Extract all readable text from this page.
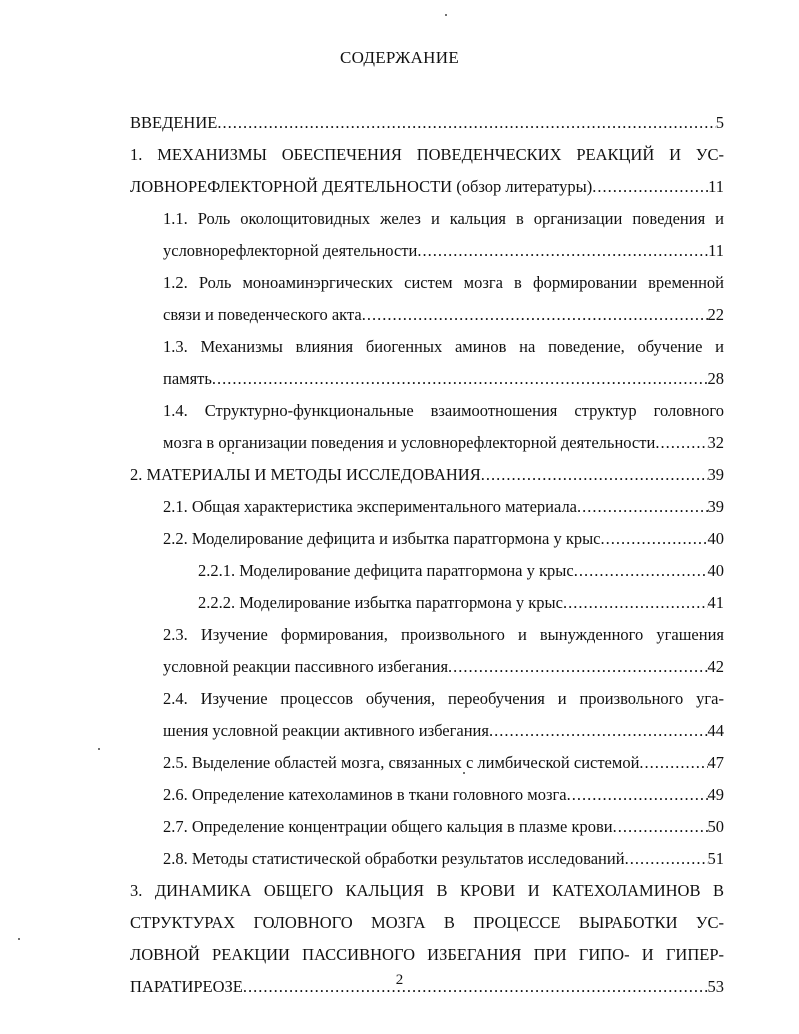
СОДЕРЖАНИЕ
ВВЕДЕНИЕ .....	5
1. МЕХАНИЗМЫ ОБЕСПЕЧЕНИЯ ПОВЕДЕНЧЕСКИХ РЕАКЦИЙ И УС-
ЛОВНОРЕФЛЕКТОРНОЙ ДЕЯТЕЛЬНОСТИ (обзор литературы) .....	11
1.1. Роль околощитовидных желез и кальция в организации поведения и
условнорефлекторной деятельности .....	11
1.2. Роль моноаминэргических систем мозга в формировании временной
связи и поведенческого акта .....	22
1.3. Механизмы влияния биогенных аминов на поведение, обучение и
память .....	28
1.4. Структурно-функциональные взаимоотношения структур головного
мозга в организации поведения и условнорефлекторной деятельности .....	32
2. МАТЕРИАЛЫ И МЕТОДЫ ИССЛЕДОВАНИЯ .....	39
2.1. Общая характеристика экспериментального материала .....	39
2.2. Моделирование дефицита и избытка паратгормона у крыс .....	40
2.2.1. Моделирование дефицита паратгормона у крыс .....	40
2.2.2. Моделирование избытка паратгормона у крыс .....	41
2.3. Изучение формирования, произвольного и вынужденного угашения
условной реакции пассивного избегания .....	42
2.4. Изучение процессов обучения, переобучения и произвольного уга-
шения условной реакции активного избегания .....	44
2.5. Выделение областей мозга, связанных с лимбической системой .....	47
2.6. Определение катехоламинов в ткани головного мозга .....	49
2.7. Определение концентрации общего кальция в плазме крови .....	50
2.8. Методы статистической обработки результатов исследований .....	51
3. ДИНАМИКА ОБЩЕГО КАЛЬЦИЯ В КРОВИ И КАТЕХОЛАМИНОВ В
СТРУКТУРАХ ГОЛОВНОГО МОЗГА В ПРОЦЕССЕ ВЫРАБОТКИ УС-
ЛОВНОЙ РЕАКЦИИ ПАССИВНОГО ИЗБЕГАНИЯ ПРИ ГИПО- И ГИПЕР-
ПАРАТИРЕОЗЕ .....	53
2
